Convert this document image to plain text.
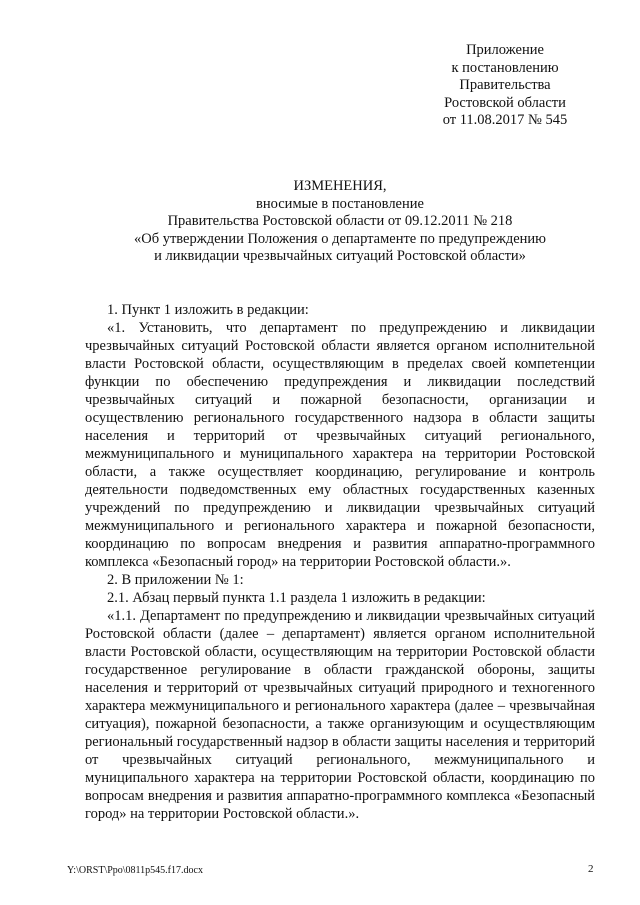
Приложение
к постановлению
Правительства
Ростовской области
от 11.08.2017 № 545
ИЗМЕНЕНИЯ,
вносимые в постановление
Правительства Ростовской области от 09.12.2011 № 218
«Об утверждении Положения о департаменте по предупреждению
и ликвидации чрезвычайных ситуаций Ростовской области»

1. Пункт 1 изложить в редакции:

«1. Установить, что департамент по предупреждению и ликвидации чрезвычайных ситуаций Ростовской области является органом исполнительной власти Ростовской области, осуществляющим в пределах своей компетенции функции по обеспечению предупреждения и ликвидации последствий чрезвычайных ситуаций и пожарной безопасности, организации и осуществлению регионального государственного надзора в области защиты населения и территорий от чрезвычайных ситуаций регионального, межмуниципального и муниципального характера на территории Ростовской области, а также осуществляет координацию, регулирование и контроль деятельности подведомственных ему областных государственных казенных учреждений по предупреждению и ликвидации чрезвычайных ситуаций межмуниципального и регионального характера и пожарной безопасности, координацию по вопросам внедрения и развития аппаратно-программного комплекса «Безопасный город» на территории Ростовской области.».

2. В приложении № 1:

2.1. Абзац первый пункта 1.1 раздела 1 изложить в редакции:

«1.1. Департамент по предупреждению и ликвидации чрезвычайных ситуаций Ростовской области (далее – департамент) является органом исполнительной власти Ростовской области, осуществляющим на территории Ростовской области государственное регулирование в области гражданской обороны, защиты населения и территорий от чрезвычайных ситуаций природного и техногенного характера межмуниципального и регионального характера (далее – чрезвычайная ситуация), пожарной безопасности, а также организующим и осуществляющим региональный государственный надзор в области защиты населения и территорий от чрезвычайных ситуаций регионального, межмуниципального и муниципального характера на территории Ростовской области, координацию по вопросам внедрения и развития аппаратно-программного комплекса «Безопасный город» на территории Ростовской области.».

Y:\ORST\Ppo\0811p545.f17.docx	2
